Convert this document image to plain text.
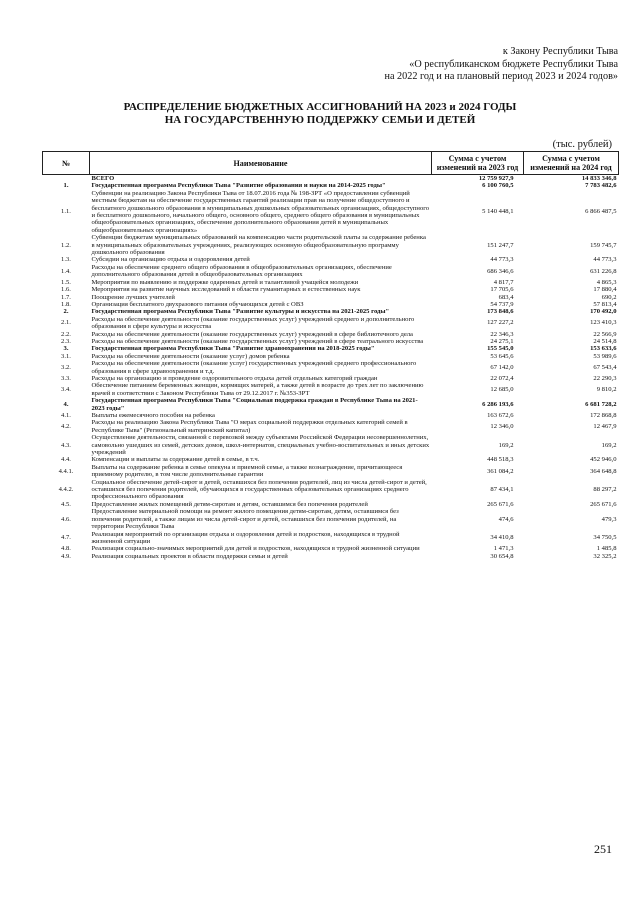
к Закону Республики Тыва
«О республиканском бюджете Республики Тыва
на 2022 год и на плановый период 2023 и 2024 годов»
РАСПРЕДЕЛЕНИЕ БЮДЖЕТНЫХ АССИГНОВАНИЙ НА 2023 и 2024 ГОДЫ
НА ГОСУДАРСТВЕННУЮ ПОДДЕРЖКУ СЕМЬИ И ДЕТЕЙ
(тыс. рублей)
№	Наименование	Сумма с учетом изменений на 2023 год	Сумма с учетом изменений на 2024 год
	ВСЕГО	12 759 927,9	14 833 346,8
1.	Государственная программа Республики Тыва "Развитие образования и науки на 2014-2025 годы"	6 100 760,5	7 783 482,6
1.1.	Субвенции на реализацию Закона Республики Тыва от 18.07.2016 года № 198-ЗРТ «О предоставлении субвенций местным бюджетам на обеспечение государственных гарантий реализации прав на получение общедоступного и бесплатного дошкольного образования в муниципальных дошкольных образовательных организациях, общедоступного и бесплатного дошкольного, начального общего, основного общего, среднего общего образования в муниципальных общеобразовательных организациях, обеспечение дополнительного образования детей в муниципальных общеобразовательных организациях»	5 140 448,1	6 866 487,5
1.2.	Субвенции бюджетам муниципальных образований на компенсацию части родительской платы за содержание ребенка в муниципальных образовательных учреждениях, реализующих основную общеобразовательную программу дошкольного образования	151 247,7	159 745,7
1.3.	Субсидии на организацию отдыха и оздоровления детей	44 773,3	44 773,3
1.4.	Расходы на обеспечение среднего общего образования в общеобразовательных организациях, обеспечение дополнительного образования детей в общеобразовательных организациях	686 346,6	631 226,8
1.5.	Мероприятия по выявлению и поддержке одаренных детей и талантливой учащейся молодежи	4 817,7	4 865,3
1.6.	Мероприятия на развитие научных исследований в области гуманитарных и естественных наук	17 705,6	17 880,4
1.7.	Поощрение лучших учителей	683,4	690,2
1.8.	Организация бесплатного двухразового питания обучающихся детей с ОВЗ	54 737,9	57 813,4
2.	Государственная программа Республики Тыва "Развитие культуры и искусства на 2021-2025 годы"	173 848,6	170 492,0
2.1.	Расходы на обеспечение деятельности (оказание государственных услуг) учреждений среднего и дополнительного образования в сфере культуры и искусства	127 227,2	123 410,3
2.2.	Расходы на обеспечение деятельности (оказание государственных услуг) учреждений в сфере библиотечного дела	22 346,3	22 566,9
2.3.	Расходы на обеспечение деятельности (оказание государственных услуг) учреждений в сфере театрального искусства	24 275,1	24 514,8
3.	Государственная программа Республики Тыва "Развитие здравоохранения на 2018-2025 годы"	155 545,0	153 633,6
3.1.	Расходы на обеспечение деятельности (оказание услуг) домов ребенка	53 645,6	53 989,6
3.2.	Расходы на обеспечение деятельности (оказание услуг) государственных учреждений среднего профессионального образования в сфере здравоохранения и т.д.	67 142,0	67 543,4
3.3.	Расходы на организацию и проведение оздоровительного отдыха детей отдельных категорий граждан	22 072,4	22 290,3
3.4.	Обеспечение питанием беременных женщин, кормящих матерей, а также детей в возрасте до трех лет по заключению врачей в соответствии с Законом Республики Тыва от 29.12.2017 г. №353-ЗРТ	12 685,0	9 810,2
4.	Государственная программа Республики Тыва "Социальная поддержка граждан в Республике Тыва на 2021-2023 годы"	6 286 193,6	6 681 728,2
4.1.	Выплаты ежемесячного пособия на ребенка	163 672,6	172 868,8
4.2.	Расходы на реализацию Закона Республики Тыва "О мерах социальной поддержки отдельных категорий семей в Республике Тыва" (Региональный материнский капитал)	12 346,0	12 467,9
4.3.	Осуществление деятельности, связанной с перевозкой между субъектами Российской Федерации несовершеннолетних, самовольно ушедших из семей, детских домов, школ-интернатов, специальных учебно-воспитательных и иных детских учреждений	169,2	169,2
4.4.	Компенсации и выплаты за содержание детей в семье, в т.ч.	448 518,3	452 946,0
4.4.1.	Выплаты на содержание ребенка в семье опекуна и приемной семье, а также вознаграждение, причитающееся приемному родителю, в том числе дополнительные гарантии	361 084,2	364 648,8
4.4.2.	Социальное обеспечение детей-сирот и детей, оставшихся без попечения родителей, лиц из числа детей-сирот и детей, оставшихся без попечения родителей, обучающихся в государственных образовательных организациях среднего профессионального образования	87 434,1	88 297,2
4.5.	Предоставление жилых помещений детям-сиротам и детям, оставшимся без попечения родителей	265 671,6	265 671,6
4.6.	Предоставление материальной помощи на ремонт жилого помещения детям-сиротам, детям, оставшимся без попечения родителей, а также лицам из числа детей-сирот и детей, оставшихся без попечения родителей, на территории Республики Тыва	474,6	479,3
4.7.	Реализация мероприятий по организации отдыха и оздоровления детей и подростков, находящихся в трудной жизненной ситуации	34 410,8	34 750,5
4.8.	Реализация социально-значимых мероприятий для детей и подростков, находящихся в трудной жизненной ситуации	1 471,3	1 485,8
4.9.	Реализация социальных проектов в области поддержки семьи и детей	30 654,8	32 325,2
251
